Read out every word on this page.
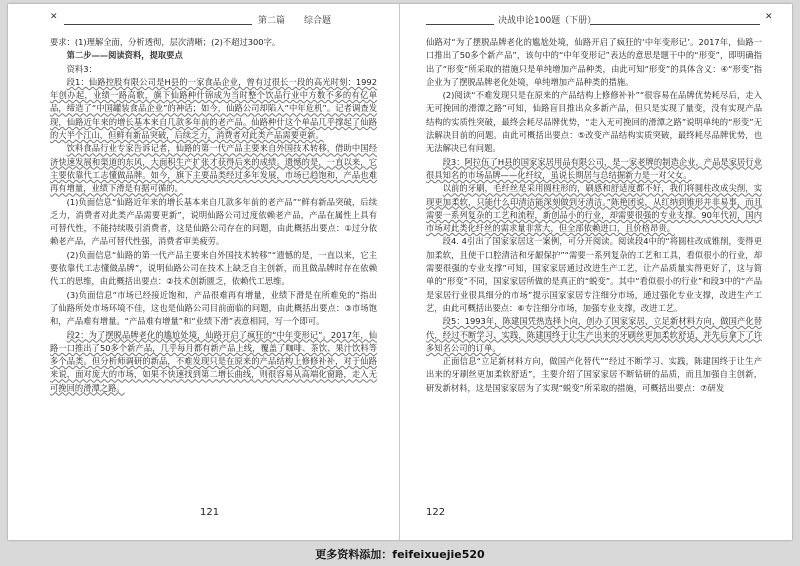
✕	第二篇 综合题

要求：(1)理解全面，分析透彻，层次清晰；(2)不超过300字。

第二步——阅读资料，提取要点

资料3：

段1：仙路控股有限公司是H县的一家食品企业，曾有过很长一段的高光时刻：1992年创办起，业绩一路高歌，旗下仙路种什锦成为当时整个饮品行业中方数不多的有亿单品，缔造了“中国罐装食品企业”的神话；如今，仙路公司却陷入“中年危机”。记者调查发现，仙路近年来的增长基本来自几款多年前的老产品。仙路种什这个单品几乎撑起了仙路的大半个江山，但鲜有新品突破，后续乏力，消费者对此类产品需要更新。

饮料食品行业专家告诉记者，仙路的第一代产品主要来自外国技术转移，借助中国经济快速发展和渠道的东风，大面积生产扩张才获得后来的成绩。遗憾的是，一直以来，它主要依靠代工志懂做品牌。如今，旗下主要品类经过多年发展，市场已趋饱和，产品也难再有增量，业绩下滑是有据可循的。

(1)负面信息“仙路近年来的增长基本来自几款多年前的老产品”“鲜有新品突破，后续乏力，消费者对此类产品需要更新”，说明仙路公司过度依赖老产品，产品在属性上具有可替代性，不能持续吸引消费者，这是仙路公司存在的问题，由此概括出要点：①过分依赖老产品，产品可替代性强，消费者审美疲劳。

(2)负面信息“仙路的第一代产品主要来自外国技术转移”“遗憾的是，一直以来，它主要依靠代工志懂做品牌”，说明仙路公司在技术上缺乏自主创新，而且做品牌时存在依赖代工的思维，由此概括出要点：②技术创新匮乏，依赖代工思维。

(3)负面信息“市场已经接近饱和，产品很难再有增量，业绩下滑是在所难免的”指出了仙路所处市场环境不佳，这也是仙路公司目前面临的问题，由此概括出要点：③市场饱和，产品难有增量。“产品难有增量”和“业绩下滑”表意相同，写一个即可。

段2：为了摆脱品牌老化的尴尬处境，仙路开启了疯狂的“中年变形记”。2017年，仙路一口推出了50多个新产品，几乎每月都有新产品上线，覆盖了咖啡、茶饮、果汁饮料等多个品类。但分析师调研的新品，不难发现只是在原来的产品结构上修修补补，对于仙路来说，面对庞大的市场，如果不快速找到第二增长曲线，则很容易从高端化窗路，走入无可挽回的滑潭之路。

121
决战申论100题（下册）	✕

仙路对“为了摆脱品牌老化的尴尬处境，仙路开启了疯狂的‘中年变形记’。2017年，仙路一口推出了50多个新产品”，该句中的“中年变形记”表达的意思是题干中的“形变”，即明确指出了“形变”所采取的措施只是单纯增加产品种类，由此可知“形变”的具体含义：④“形变”指企业为了摆脱品牌老化处境，单纯增加产品种类的措施。

(2)阅读“不难发现只是在原来的产品结构上修修补补”“很容易在品牌优势耗尽后，走入无可挽回的滑潭之路”可知，仙路盲目推出众多新产品，但只是实现了量变，没有实现产品结构的实质性突破，最终会耗尽品牌优势，“走入无可挽回的滑潭之路”说明单纯的“形变”无法解决目前的问题。由此可概括出要点：⑤改变产品结构实质突破，最终耗尽品牌优势，也无法解决已有问题。

段3：阿拉伍了H县的国家家居用品有限公司，是一家老牌的制造企业，产品是家居行业很具知名的市场品牌——化纤纹，虽说长期居与总结掘新力是一对父女。

以前的牙刷，毛纤丝是采用圆柱形的，刷感和舒适度都不好，我们将圆柱改成尖削，实现更加柔软，只能什么印清洁能深刻做到牙清洁。”陈艳团说，从红纳到锥形并非易事，而且需要一系列复杂的工艺和流程，新创品小的行业，却需要很强的专业支撑。90年代初，国内市场对此类化纤丝的需求量非常大，但全部依赖进口，且价格昂贵。

段4. 4引出了国家家居这一案例，可分开阅读。阅读段4中的“将圆柱改成锥削，变得更加柔软，且使干口腔清洁和牙龈保护”“需要一系列复杂的工艺和工具，看似很小的行业，却需要很强的专业支撑”可知，国家家居通过改进生产工艺，让产品质量实得更好了，这与简单的“形变”不同，国家家居所做的是真正的“蜕变”。其中“看似很小的行业”和段3中的“产品是家居行业很具细分的市场”提示国家家居专注细分市场，通过强化专业支撑，改进生产工艺，由此可概括出要点：⑥专注细分市场，加强专业支撑，改进工艺。

段5：1993年，陈建国凭热选择卜向，创办了国家家居，立足新材料方向，做国产化替代，经过不断学习、实践，陈建国终于让生产出来的牙刷丝更加柔软舒适，并先后拿下了许多知名公司的订单。

正面信息“立足新材料方向，做国产化替代”“经过不断学习、实践，陈建国终于让生产出来的牙刷丝更加柔软舒适”，主要介绍了国家家居不断钻研的品质，而且加强自主创新，研发新材料，这是国家家居为了实现“蜕变”所采取的措施，可概括出要点：⑦研发

122
更多资料添加：feifeixuejie520
